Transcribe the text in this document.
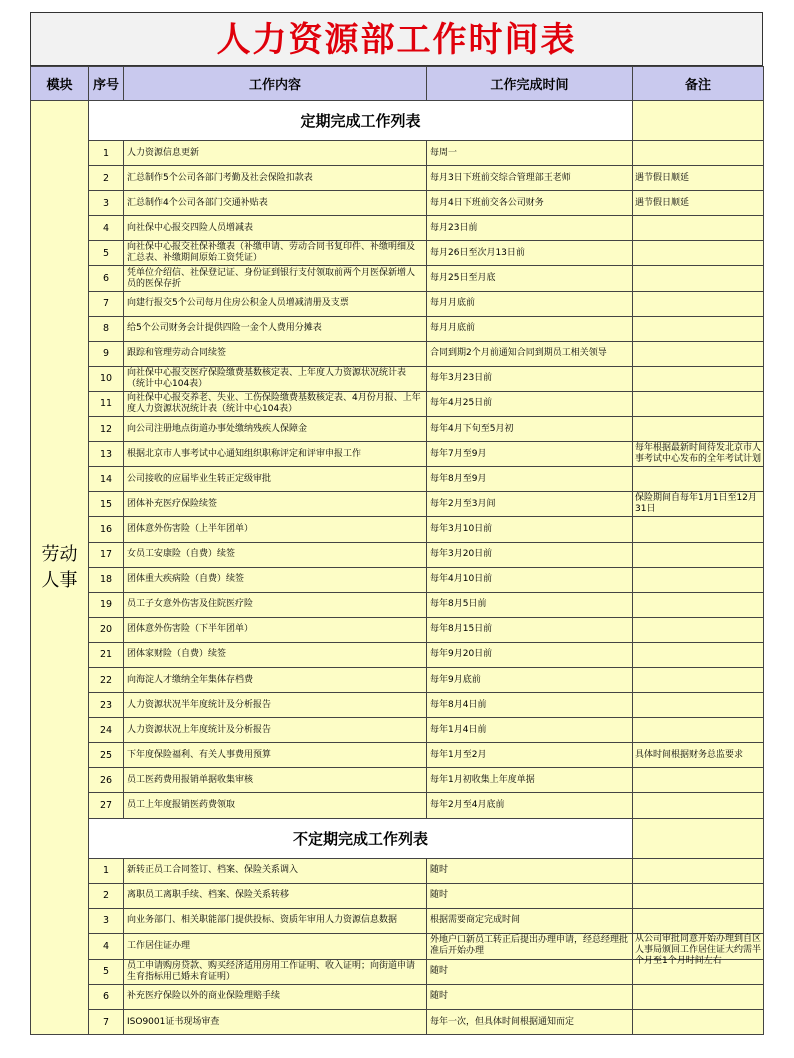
人力资源部工作时间表
模块	序号	工作内容	工作完成时间	备注
劳动
人事	定期完成工作列表			

	1	人力资源信息更新	每周一	

	2	汇总制作5个公司各部门考勤及社会保险扣款表	每月3日下班前交综合管理部王老师	遇节假日顺延

	3	汇总制作4个公司各部门交通补贴表	每月4日下班前交各公司财务	遇节假日顺延

	4	向社保中心报交四险人员增减表	每月23日前	

	5	向社保中心报交社保补缴表（补缴申请、劳动合同书复印件、补缴明细及汇总表、补缴期间原始工资凭证）	每月26日至次月13日前	

	6	凭单位介绍信、社保登记证、身份证到银行支付领取前两个月医保新增人员的医保存折	每月25日至月底	

	7	向建行报交5个公司每月住房公积金人员增减清册及支票	每月月底前	

	8	给5个公司财务会计提供四险一金个人费用分摊表	每月月底前	

	9	跟踪和管理劳动合同续签	合同到期2个月前通知合同到期员工相关领导	

	10	向社保中心报交医疗保险缴费基数核定表、上年度人力资源状况统计表（统计中心104表）	每年3月23日前	

	11	向社保中心报交养老、失业、工伤保险缴费基数核定表、4月份月报、上年度人力资源状况统计表（统计中心104表）	每年4月25日前	

	12	向公司注册地点街道办事处缴纳残疾人保障金	每年4月下旬至5月初	

	13	根据北京市人事考试中心通知组织职称评定和评审申报工作	每年7月至9月	每年根据最新时间待发北京市人事考试中心发布的全年考试计划

	14	公司接收的应届毕业生转正定级审批	每年8月至9月	

	15	团体补充医疗保险续签	每年2月至3月间	保险期间自每年1月1日至12月31日

	16	团体意外伤害险（上半年团单）	每年3月10日前	

	17	女员工安康险（自费）续签	每年3月20日前	

	18	团体重大疾病险（自费）续签	每年4月10日前	

	19	员工子女意外伤害及住院医疗险	每年8月5日前	

	20	团体意外伤害险（下半年团单）	每年8月15日前	

	21	团体家财险（自费）续签	每年9月20日前	

	22	向海淀人才缴纳全年集体存档费	每年9月底前	

	23	人力资源状况半年度统计及分析报告	每年8月4日前	

	24	人力资源状况上年度统计及分析报告	每年1月4日前	

	25	下年度保险福利、有关人事费用预算	每年1月至2月	具体时间根据财务总监要求

	26	员工医药费用报销单据收集审核	每年1月初收集上年度单据	

	27	员工上年度报销医药费领取	每年2月至4月底前	

	不定期完成工作列表			

	1	新转正员工合同签订、档案、保险关系调入	随时	

	2	离职员工离职手续、档案、保险关系转移	随时	

	3	向业务部门、相关职能部门提供投标、资质年审用人力资源信息数据	根据需要商定完成时间	

	4	工作居住证办理	外地户口新员工转正后提出办理申请，经总经理批准后开始办理	从公司审批同意开始办理到自区人事局颁回工作居住证大约需半个月至1个月时间左右

	5	员工申请购房贷款、购买经济适用房用工作证明、收入证明；向街道申请生育指标用已婚未育证明）	随时	

	6	补充医疗保险以外的商业保险理赔手续	随时	

	7	ISO9001证书现场审查	每年一次，但具体时间根据通知而定	
